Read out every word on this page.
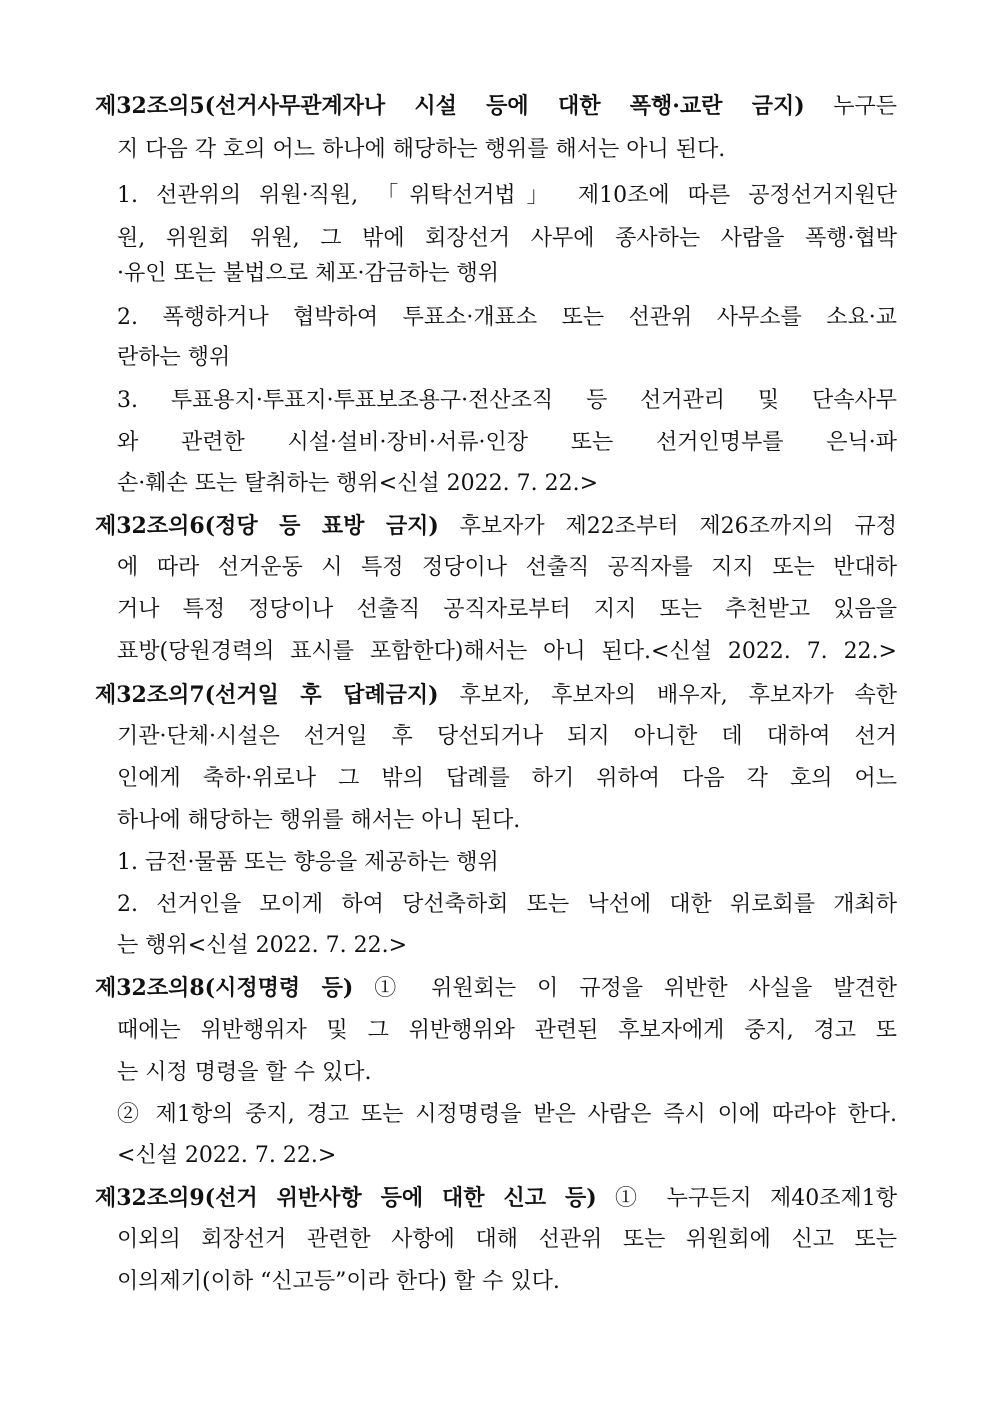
제32조의5(선거사무관계자나 시설 등에 대한 폭행·교란 금지) 누구든
지 다음 각 호의 어느 하나에 해당하는 행위를 해서는 아니 된다.
1. 선관위의 위원·직원, 「위탁선거법」 제10조에 따른 공정선거지원단
원, 위원회 위원, 그 밖에 회장선거 사무에 종사하는 사람을 폭행·협박
·유인 또는 불법으로 체포·감금하는 행위
2. 폭행하거나 협박하여 투표소·개표소 또는 선관위 사무소를 소요·교
란하는 행위
3. 투표용지·투표지·투표보조용구·전산조직 등 선거관리 및 단속사무
와 관련한 시설·설비·장비·서류·인장 또는 선거인명부를 은닉·파
손·훼손 또는 탈취하는 행위<신설 2022. 7. 22.>
제32조의6(정당 등 표방 금지) 후보자가 제22조부터 제26조까지의 규정
에 따라 선거운동 시 특정 정당이나 선출직 공직자를 지지 또는 반대하
거나 특정 정당이나 선출직 공직자로부터 지지 또는 추천받고 있음을
표방(당원경력의 표시를 포함한다)해서는 아니 된다.<신설 2022. 7. 22.>
제32조의7(선거일 후 답례금지) 후보자, 후보자의 배우자, 후보자가 속한
기관·단체·시설은 선거일 후 당선되거나 되지 아니한 데 대하여 선거
인에게 축하·위로나 그 밖의 답례를 하기 위하여 다음 각 호의 어느
하나에 해당하는 행위를 해서는 아니 된다.
1. 금전·물품 또는 향응을 제공하는 행위
2. 선거인을 모이게 하여 당선축하회 또는 낙선에 대한 위로회를 개최하
는 행위<신설 2022. 7. 22.>
제32조의8(시정명령 등) ① 위원회는 이 규정을 위반한 사실을 발견한
때에는 위반행위자 및 그 위반행위와 관련된 후보자에게 중지, 경고 또
는 시정 명령을 할 수 있다.
② 제1항의 중지, 경고 또는 시정명령을 받은 사람은 즉시 이에 따라야 한다.
<신설 2022. 7. 22.>
제32조의9(선거 위반사항 등에 대한 신고 등) ① 누구든지 제40조제1항
이외의 회장선거 관련한 사항에 대해 선관위 또는 위원회에 신고 또는
이의제기(이하 “신고등”이라 한다) 할 수 있다.
